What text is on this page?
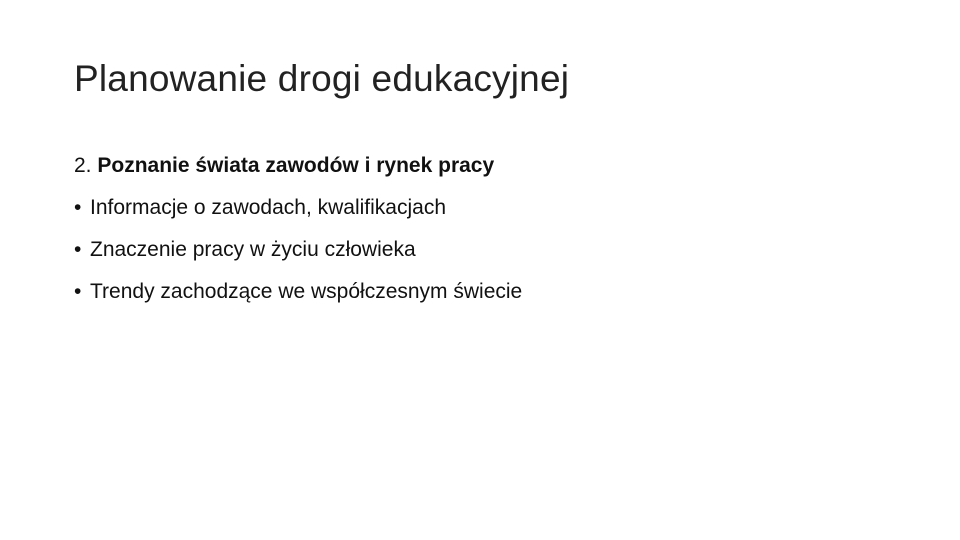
Planowanie drogi edukacyjnej
2. Poznanie świata zawodów i rynek pracy
• Informacje o zawodach, kwalifikacjach
• Znaczenie pracy w życiu człowieka
• Trendy zachodzące we współczesnym świecie
